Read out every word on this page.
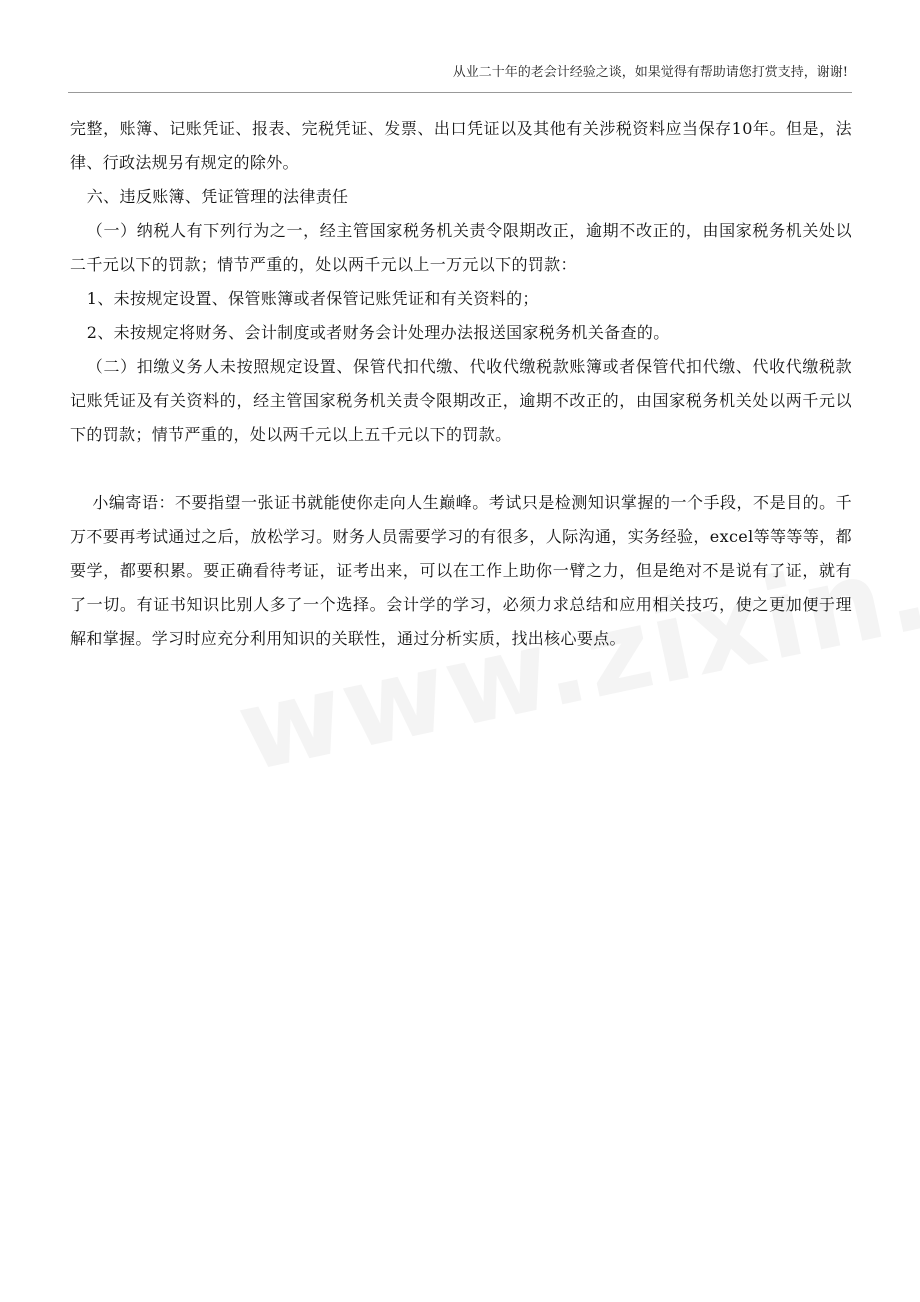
从业二十年的老会计经验之谈，如果觉得有帮助请您打赏支持，谢谢!

完整，账簿、记账凭证、报表、完税凭证、发票、出口凭证以及其他有关涉税资料应当保存10年。但是，法律、行政法规另有规定的除外。

六、违反账簿、凭证管理的法律责任

（一）纳税人有下列行为之一，经主管国家税务机关责令限期改正，逾期不改正的，由国家税务机关处以二千元以下的罚款；情节严重的，处以两千元以上一万元以下的罚款：

1、未按规定设置、保管账簿或者保管记账凭证和有关资料的；

2、未按规定将财务、会计制度或者财务会计处理办法报送国家税务机关备查的。

（二）扣缴义务人未按照规定设置、保管代扣代缴、代收代缴税款账簿或者保管代扣代缴、代收代缴税款记账凭证及有关资料的，经主管国家税务机关责令限期改正，逾期不改正的，由国家税务机关处以两千元以下的罚款；情节严重的，处以两千元以上五千元以下的罚款。

小编寄语：不要指望一张证书就能使你走向人生巅峰。考试只是检测知识掌握的一个手段，不是目的。千万不要再考试通过之后，放松学习。财务人员需要学习的有很多，人际沟通，实务经验，excel等等等等，都要学，都要积累。要正确看待考证，证考出来，可以在工作上助你一臂之力，但是绝对不是说有了证，就有了一切。有证书知识比别人多了一个选择。会计学的学习，必须力求总结和应用相关技巧，使之更加便于理解和掌握。学习时应充分利用知识的关联性，通过分析实质，找出核心要点。
